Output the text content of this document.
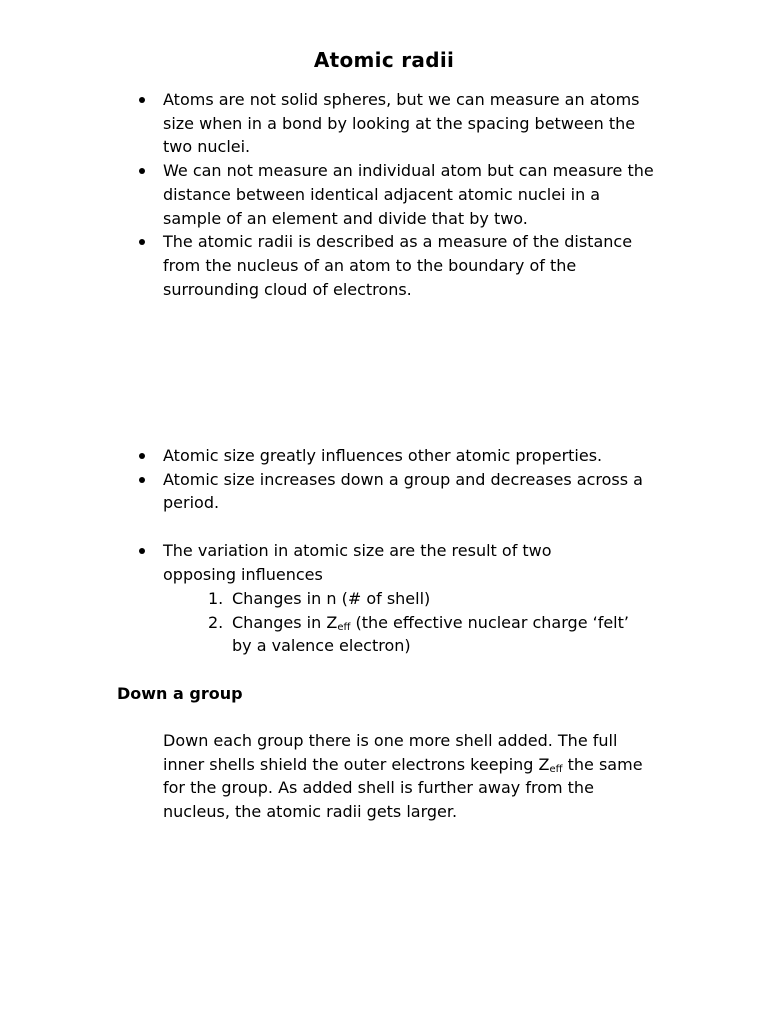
Atomic radii
Atoms are not solid spheres, but we can measure an atoms size when in a bond by looking at the spacing between the two nuclei.
We can not measure an individual atom but can measure the distance between identical adjacent atomic nuclei in a sample of an element and divide that by two.
The atomic radii is described as a measure of the distance from the nucleus of an atom to the boundary of the surrounding cloud of electrons.
Atomic size greatly influences other atomic properties.
Atomic size increases down a group and decreases across a period.
The variation in atomic size are the result of two opposing influences
1. Changes in n (# of shell)
2. Changes in $Z_{eff}$ (the effective nuclear charge ‘felt’ by a valence electron)
Down a group
Down each group there is one more shell added. The full inner shells shield the outer electrons keeping $Z_{eff}$ the same for the group. As added shell is further away from the nucleus, the atomic radii gets larger.
